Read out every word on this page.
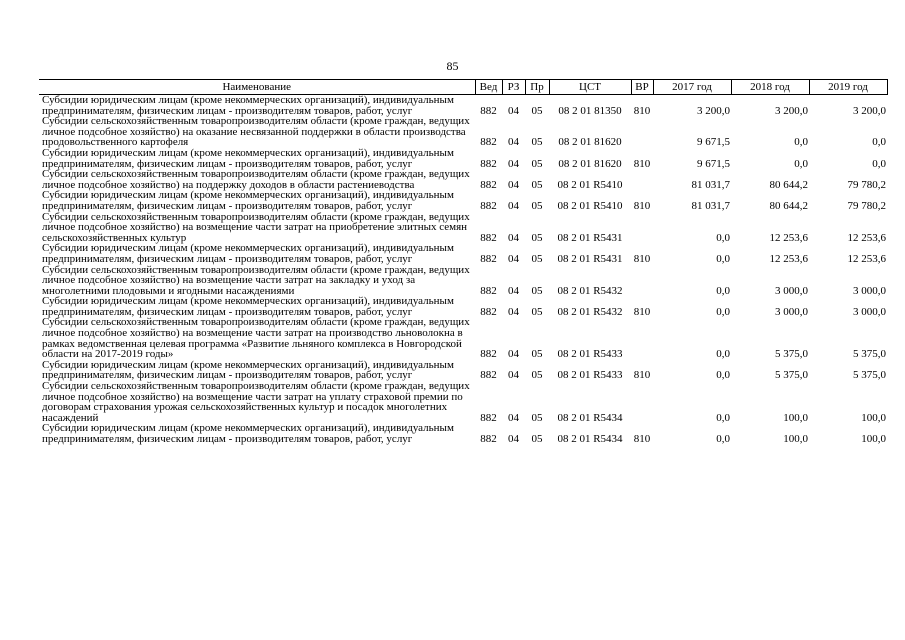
85
Наименование	Вед	РЗ	Пр	ЦСТ	ВР	2017 год	2018 год	2019 год
Субсидии юридическим лицам (кроме некоммерческих организаций), индивидуальным предпринимателям, физическим лицам - производителям товаров, работ, услуг	882	04	05	08 2 01 81350	810	3 200,0	3 200,0	3 200,0
Субсидии сельскохозяйственным товаропроизводителям области (кроме граждан, ведущих личное подсобное хозяйство) на оказание несвязанной поддержки в области производства продовольственного картофеля	882	04	05	08 2 01 81620		9 671,5	0,0	0,0
Субсидии юридическим лицам (кроме некоммерческих организаций), индивидуальным предпринимателям, физическим лицам - производителям товаров, работ, услуг	882	04	05	08 2 01 81620	810	9 671,5	0,0	0,0
Субсидии сельскохозяйственным товаропроизводителям области (кроме граждан, ведущих личное подсобное хозяйство) на поддержку доходов в области растениеводства	882	04	05	08 2 01 R5410		81 031,7	80 644,2	79 780,2
Субсидии юридическим лицам (кроме некоммерческих организаций), индивидуальным предпринимателям, физическим лицам - производителям товаров, работ, услуг	882	04	05	08 2 01 R5410	810	81 031,7	80 644,2	79 780,2
Субсидии сельскохозяйственным товаропроизводителям области (кроме граждан, ведущих личное подсобное хозяйство) на возмещение части затрат на приобретение элитных семян сельскохозяйственных культур	882	04	05	08 2 01 R5431		0,0	12 253,6	12 253,6
Субсидии юридическим лицам (кроме некоммерческих организаций), индивидуальным предпринимателям, физическим лицам - производителям товаров, работ, услуг	882	04	05	08 2 01 R5431	810	0,0	12 253,6	12 253,6
Субсидии сельскохозяйственным товаропроизводителям области (кроме граждан, ведущих личное подсобное хозяйство) на возмещение части затрат на закладку и уход за многолетними плодовыми и ягодными насаждениями	882	04	05	08 2 01 R5432		0,0	3 000,0	3 000,0
Субсидии юридическим лицам (кроме некоммерческих организаций), индивидуальным предпринимателям, физическим лицам - производителям товаров, работ, услуг	882	04	05	08 2 01 R5432	810	0,0	3 000,0	3 000,0
Субсидии сельскохозяйственным товаропроизводителям области (кроме граждан, ведущих личное подсобное хозяйство) на возмещение части затрат на производство льноволокна в рамках ведомственная целевая программа «Развитие льняного комплекса в Новгородской области на 2017-2019 годы»	882	04	05	08 2 01 R5433		0,0	5 375,0	5 375,0
Субсидии юридическим лицам (кроме некоммерческих организаций), индивидуальным предпринимателям, физическим лицам - производителям товаров, работ, услуг	882	04	05	08 2 01 R5433	810	0,0	5 375,0	5 375,0
Субсидии сельскохозяйственным товаропроизводителям области (кроме граждан, ведущих личное подсобное хозяйство) на возмещение части затрат на уплату страховой премии по договорам страхования урожая сельскохозяйственных культур и посадок многолетних насаждений	882	04	05	08 2 01 R5434		0,0	100,0	100,0
Субсидии юридическим лицам (кроме некоммерческих организаций), индивидуальным предпринимателям, физическим лицам - производителям товаров, работ, услуг	882	04	05	08 2 01 R5434	810	0,0	100,0	100,0
